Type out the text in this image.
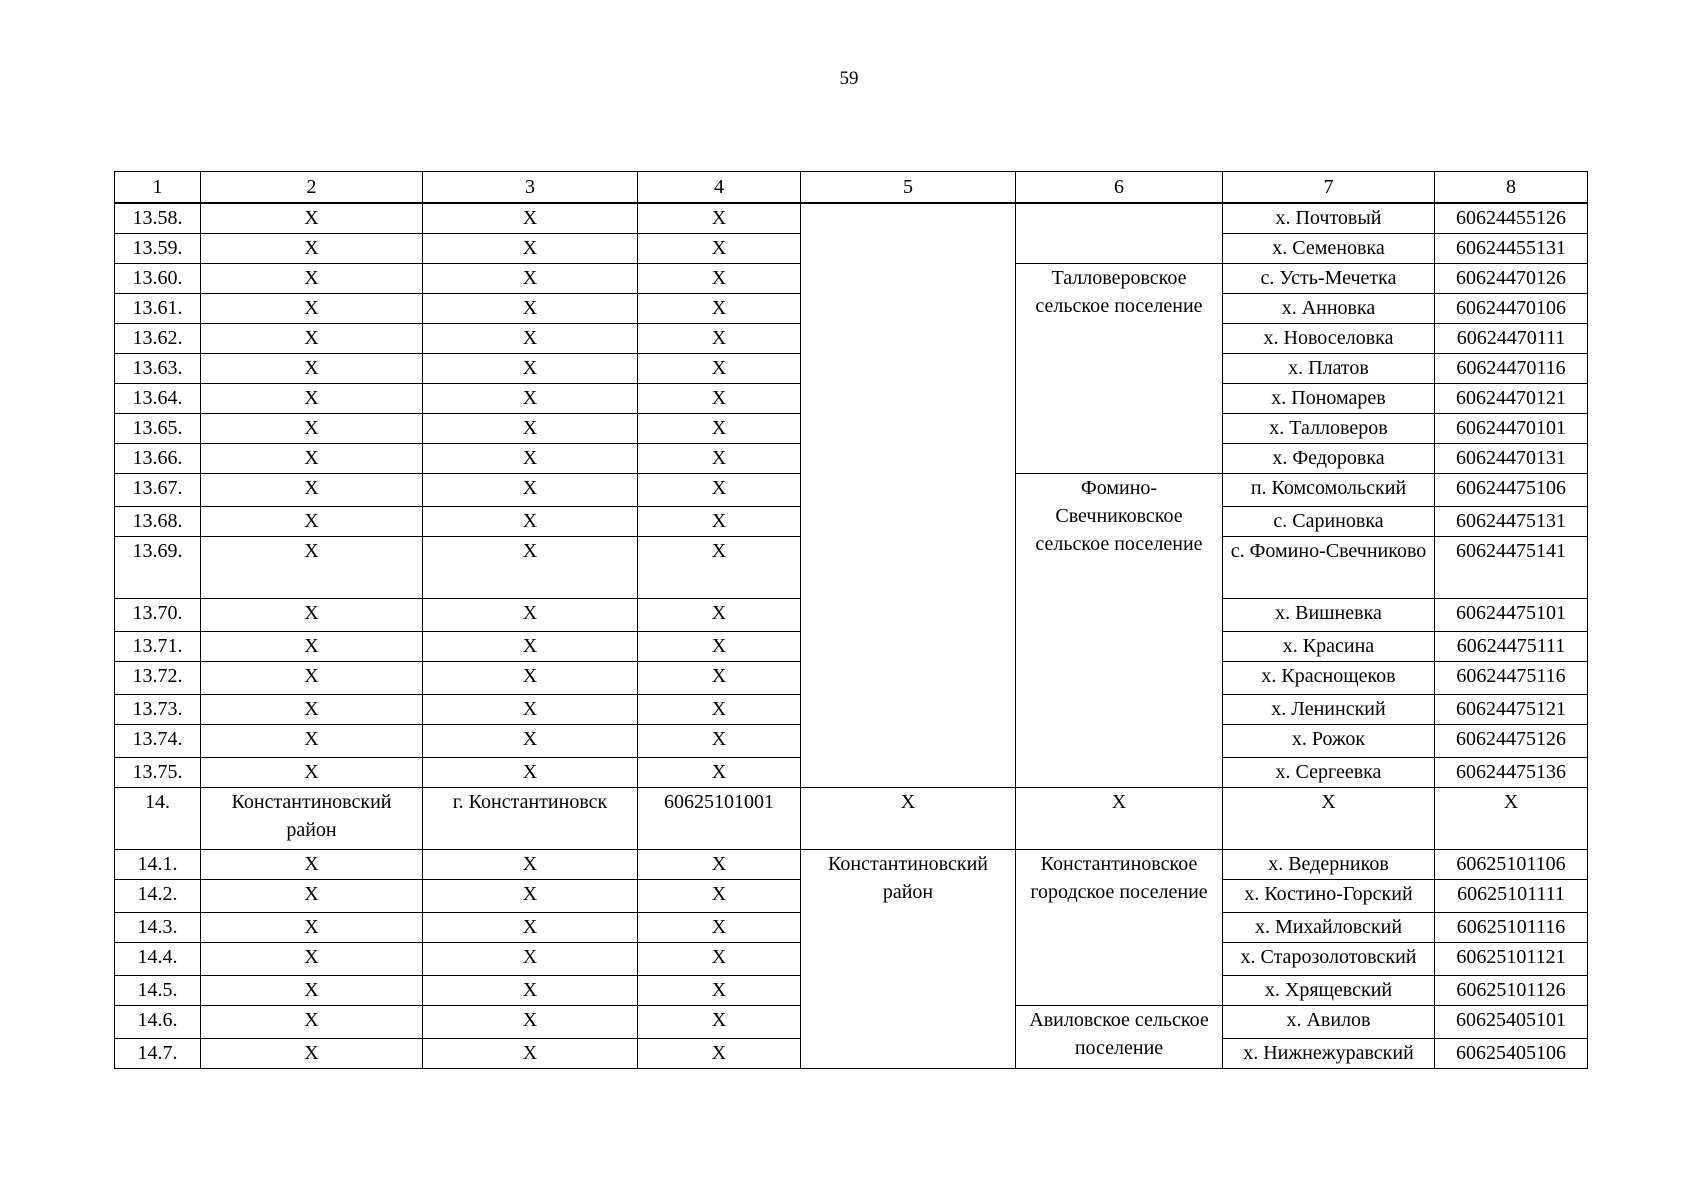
59
1	2	3	4	5	6	7	8
13.58.	Х	Х	Х			х. Почтовый	60624455126
13.59.	Х	Х	Х			х. Семеновка	60624455131
13.60.	Х	Х	Х		Талловеровское сельское поселение	с. Усть-Мечетка	60624470126
13.61.	Х	Х	Х			х. Анновка	60624470106
13.62.	Х	Х	Х			х. Новоселовка	60624470111
13.63.	Х	Х	Х			х. Платов	60624470116
13.64.	Х	Х	Х			х. Пономарев	60624470121
13.65.	Х	Х	Х			х. Талловеров	60624470101
13.66.	Х	Х	Х			х. Федоровка	60624470131
13.67.	Х	Х	Х		Фомино-Свечниковское сельское поселение	п. Комсомольский	60624475106
13.68.	Х	Х	Х			с. Сариновка	60624475131
13.69.	Х	Х	Х			с. Фомино-Свечниково	60624475141
13.70.	Х	Х	Х			х. Вишневка	60624475101
13.71.	Х	Х	Х			х. Красина	60624475111
13.72.	Х	Х	Х			х. Краснощеков	60624475116
13.73.	Х	Х	Х			х. Ленинский	60624475121
13.74.	Х	Х	Х			х. Рожок	60624475126
13.75.	Х	Х	Х			х. Сергеевка	60624475136
14.	Константиновский район	г. Константиновск	60625101001	Х	Х	Х	Х
14.1.	Х	Х	Х	Константиновский район	Константиновское городское поселение	х. Ведерников	60625101106
14.2.	Х	Х	Х			х. Костино-Горский	60625101111
14.3.	Х	Х	Х			х. Михайловский	60625101116
14.4.	Х	Х	Х			х. Старозолотовский	60625101121
14.5.	Х	Х	Х			х. Хрящевский	60625101126
14.6.	Х	Х	Х		Авиловское сельское поселение	х. Авилов	60625405101
14.7.	Х	Х	Х			х. Нижнежуравский	60625405106
